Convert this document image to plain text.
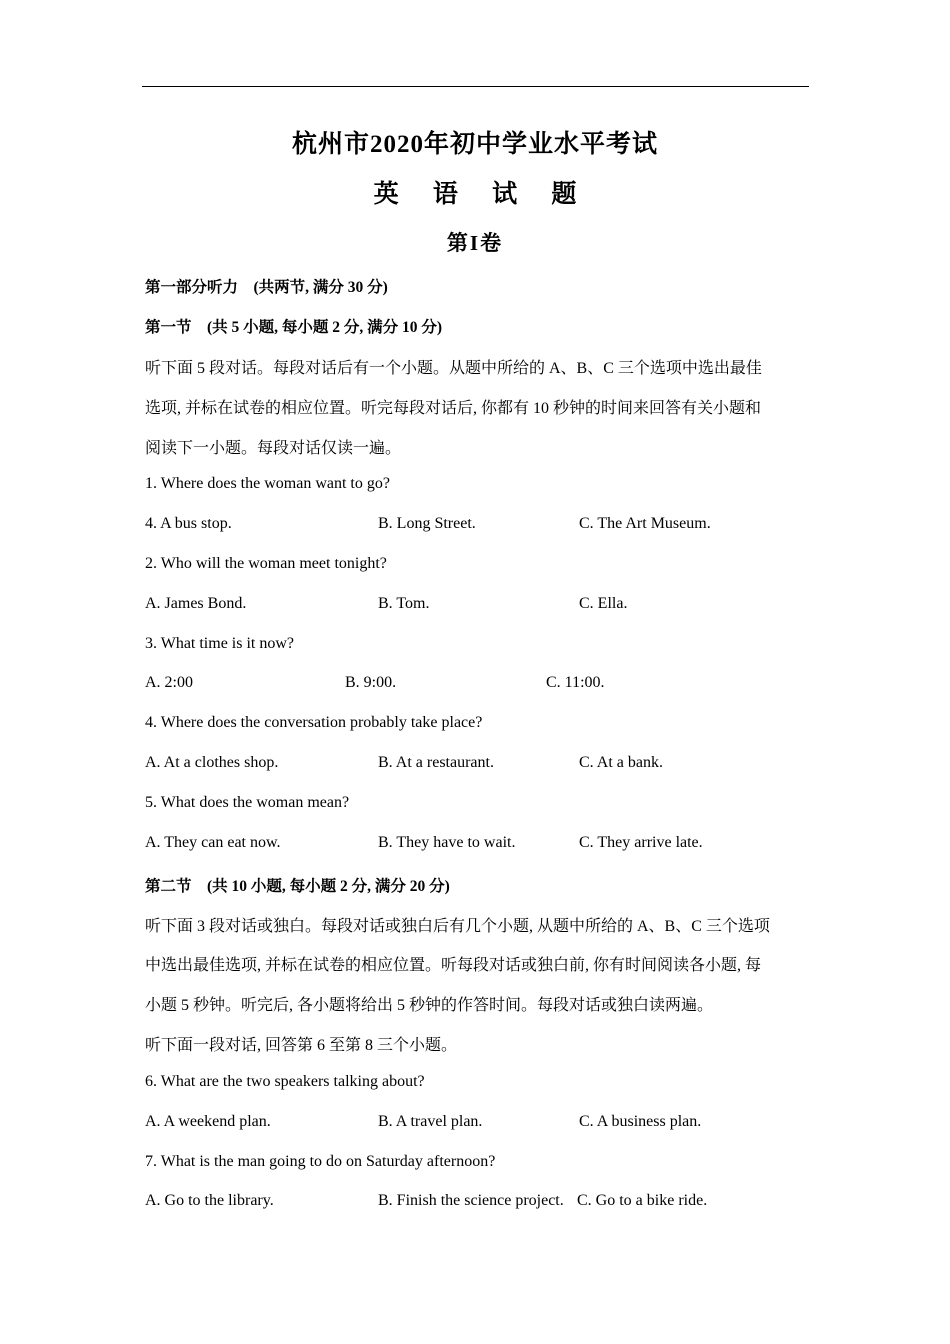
杭州市2020年初中学业水平考试
英 语 试 题
第I卷
第一部分听力　(共两节, 满分 30 分)
第一节　(共 5 小题, 每小题 2 分, 满分 10 分)
听下面 5 段对话。每段对话后有一个小题。从题中所给的 A、B、C 三个选项中选出最佳
选项, 并标在试卷的相应位置。听完每段对话后, 你都有 10 秒钟的时间来回答有关小题和
阅读下一小题。每段对话仅读一遍。
1. Where does the woman want to go?
4. A bus stop.	B. Long Street.	C. The Art Museum.
2. Who will the woman meet tonight?
A. James Bond.	B. Tom.	C. Ella.
3. What time is it now?
A. 2:00	B. 9:00.	C. 11:00.
4. Where does the conversation probably take place?
A. At a clothes shop.	B. At a restaurant.	C. At a bank.
5. What does the woman mean?
A. They can eat now.	B. They have to wait.	C. They arrive late.
第二节　(共 10 小题, 每小题 2 分, 满分 20 分)
听下面 3 段对话或独白。每段对话或独白后有几个小题, 从题中所给的 A、B、C 三个选项
中选出最佳选项, 并标在试卷的相应位置。听每段对话或独白前, 你有时间阅读各小题, 每
小题 5 秒钟。听完后, 各小题将给出 5 秒钟的作答时间。每段对话或独白读两遍。
听下面一段对话, 回答第 6 至第 8 三个小题。
6. What are the two speakers talking about?
A. A weekend plan.	B. A travel plan.	C. A business plan.
7. What is the man going to do on Saturday afternoon?
A. Go to the library.	B. Finish the science project. C. Go to a bike ride.
